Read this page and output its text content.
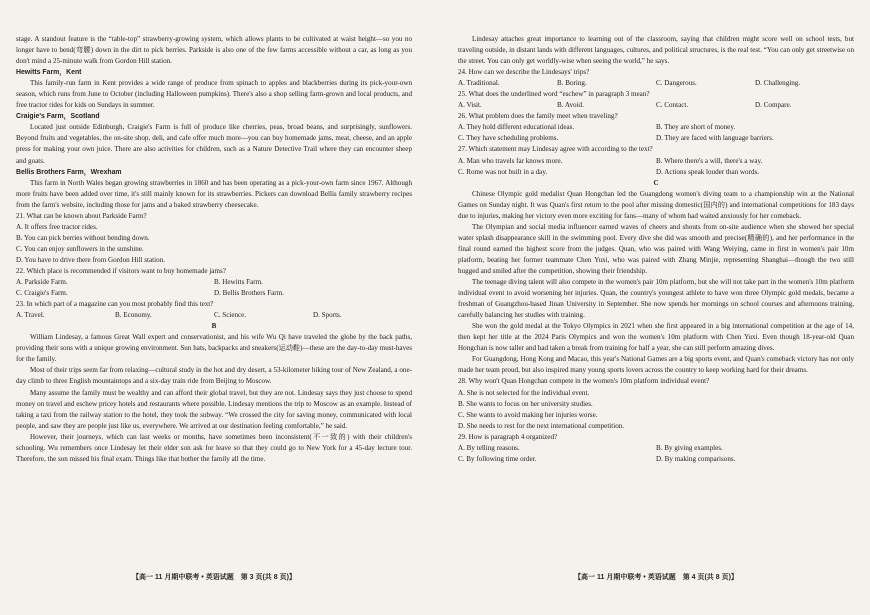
stage. A standout feature is the “table-top” strawberry-growing system, which allows plants to be cultivated at waist height—so you no longer have to bend(弯腰) down in the dirt to pick berries. Parkside is also one of the few farms accessible without a car, as long as you don't mind a 25-minute walk from Gordon Hill station.

Hewitts Farm，Kent

This family-run farm in Kent provides a wide range of produce from spinach to apples and blackberries during its pick-your-own season, which runs from June to October (including Halloween pumpkins). There's also a shop selling farm-grown and local products, and free tractor rides for kids on Sundays in summer.

Craigie's Farm，Scotland

Located just outside Edinburgh, Craigie's Farm is full of produce like cherries, peas, broad beans, and surprisingly, sunflowers. Beyond fruits and vegetables, the on-site shop, deli, and cafe offer much more—you can buy homemade jams, meat, cheese, and an apple press for making your own juice. There are also activities for children, such as a Nature Detective Trail where they can encounter sheep and goats.

Bellis Brothers Farm，Wrexham

This farm in North Wales began growing strawberries in 1860 and has been operating as a pick-your-own farm since 1967. Although more fruits have been added over time, it's still mainly known for its strawberries. Pickers can download Bellis family strawberry recipes from the farm's website, including those for jams and a baked strawberry cheesecake.

21. What can be known about Parkside Farm?

A. It offers free tractor rides.
B. You can pick berries without bending down.
C. You can enjoy sunflowers in the sunshine.
D. You have to drive there from Gordon Hill station.

22. Which place is recommended if visitors want to buy homemade jams?

A. Parkside Farm.	B. Hewitts Farm.
C. Craigie's Farm.	D. Bellis Brothers Farm.

23. In which part of a magazine can you most probably find this text?

A. Travel.	B. Economy.	C. Science.	D. Sports.

B

William Lindesay, a famous Great Wall expert and conservationist, and his wife Wu Qi have traveled the globe by the back paths, providing their sons with a unique growing environment. Sun hats, backpacks and sneakers(运动鞋)—these are the day-to-day must-haves for the family.

Most of their trips seem far from relaxing—cultural study in the hot and dry desert, a 53-kilometer hiking tour of New Zealand, a one-day climb to three English mountaintops and a six-day train ride from Beijing to Moscow.

Many assume the family must be wealthy and can afford their global travel, but they are not. Lindesay says they just choose to spend money on travel and eschew pricey hotels and restaurants where possible. Lindesay mentions the trip to Moscow as an example. Instead of taking a taxi from the railway station to the hotel, they took the subway. “We crossed the city for saving money, communicated with local people, and saw they are people just like us, everywhere. We arrived at our destination feeling comfortable,” he said.

However, their journeys, which can last weeks or months, have sometimes been inconsistent(不一致的) with their children's schooling. Wu remembers once Lindesay let their elder son ask for leave so that they could go to New York for a 45-day lecture tour. Therefore, the son missed his final exam. Things like that bother the family all the time.

Lindesay attaches great importance to learning out of the classroom, saying that children might score well on school tests, but traveling outside, in distant lands with different languages, cultures, and political structures, is the real test. “You can only get streetwise on the street. You can only get worldly-wise when seeing the world,” he says.

24. How can we describe the Lindesays' trips?

A. Traditional.	B. Boring.	C. Dangerous.	D. Challenging.

25. What does the underlined word “eschew” in paragraph 3 mean?

A. Visit.	B. Avoid.	C. Contact.	D. Compare.

26. What problem does the family meet when traveling?

A. They hold different educational ideas.	B. They are short of money.
C. They have scheduling problems.	D. They are faced with language barriers.

27. Which statement may Lindesay agree with according to the text?

A. Man who travels far knows more.	B. Where there's a will, there's a way.
C. Rome was not built in a day.	D. Actions speak louder than words.

C

Chinese Olympic gold medalist Quan Hongchan led the Guangdong women's diving team to a championship win at the National Games on Sunday night. It was Quan's first return to the pool after missing domestic(国内的) and international competitions for 183 days due to injuries, making her victory even more exciting for fans—many of whom had waited anxiously for her comeback.

The Olympian and social media influencer earned waves of cheers and shouts from on-site audience when she showed her special water splash disappearance skill in the swimming pool. Every dive she did was smooth and precise(精确的), and her performance in the final round earned the highest score from the judges. Quan, who was paired with Wang Weiying, came in first in women's pair 10m platform, beating her former teammate Chen Yuxi, who was paired with Zhang Minjie, representing Shanghai—though the two still hugged and smiled after the competition, showing their friendship.

The teenage diving talent will also compete in the women's pair 10m platform, but she will not take part in the women's 10m platform individual event to avoid worsening her injuries. Quan, the country's youngest athlete to have won three Olympic gold medals, became a freshman of Guangzhou-based Jinan University in September. She now spends her mornings on school courses and afternoons training, carefully balancing her studies with training.

She won the gold medal at the Tokyo Olympics in 2021 when she first appeared in a big international competition at the age of 14, then kept her title at the 2024 Paris Olympics and won the women's 10m platform with Chen Yuxi. Even though 18-year-old Quan Hongchan is now taller and had taken a break from training for half a year, she can still perform amazing dives.

For Guangdong, Hong Kong and Macao, this year's National Games are a big sports event, and Quan's comeback victory has not only made her team proud, but also inspired many young sports lovers across the country to keep working hard for their dreams.

28. Why won't Quan Hongchan compete in the women's 10m platform individual event?

A. She is not selected for the individual event.
B. She wants to focus on her university studies.
C. She wants to avoid making her injuries worse.
D. She needs to rest for the next international competition.

29. How is paragraph 4 organized?

A. By telling reasons.	B. By giving examples.
C. By following time order.	D. By making comparisons.
【高一 11 月期中联考 • 英语试题　第 3 页(共 8 页)】	【高一 11 月期中联考 • 英语试题　第 4 页(共 8 页)】
